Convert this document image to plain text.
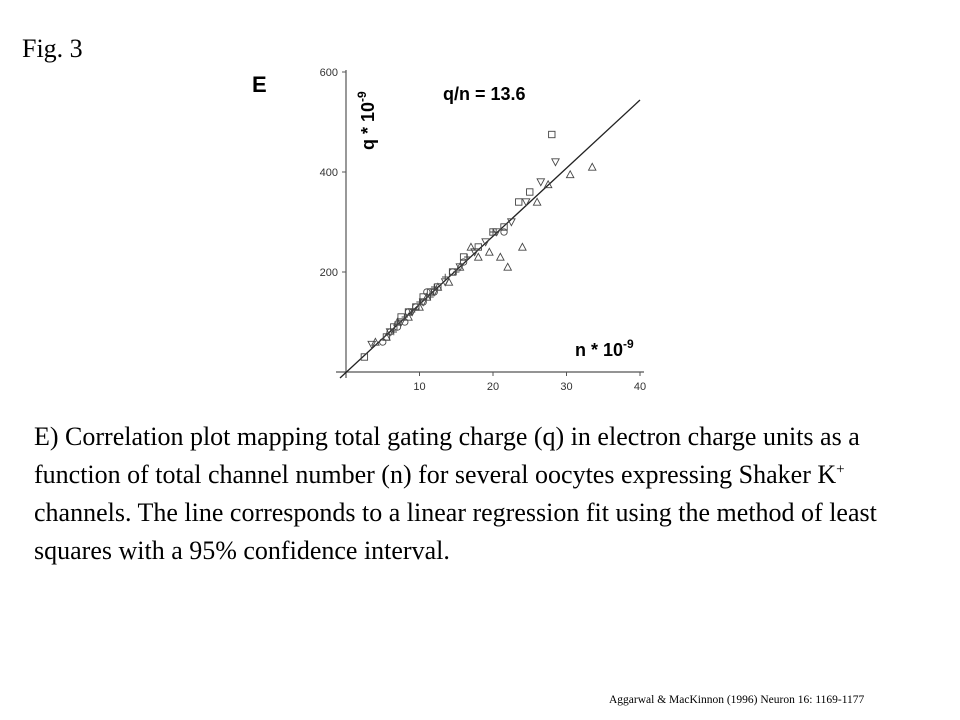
Fig. 3
10	20	30	40
200
400
600
E	q/n = 13.6
n * $10^{-9}$
q * $10^{-9}$
E) Correlation plot mapping total gating charge (q) in electron charge units as a function of total channel number (n) for several oocytes expressing Shaker K+ channels. The line corresponds to a linear regression fit using the method of least squares with a 95% confidence interval.
Aggarwal & MacKinnon (1996) Neuron 16: 1169-1177
